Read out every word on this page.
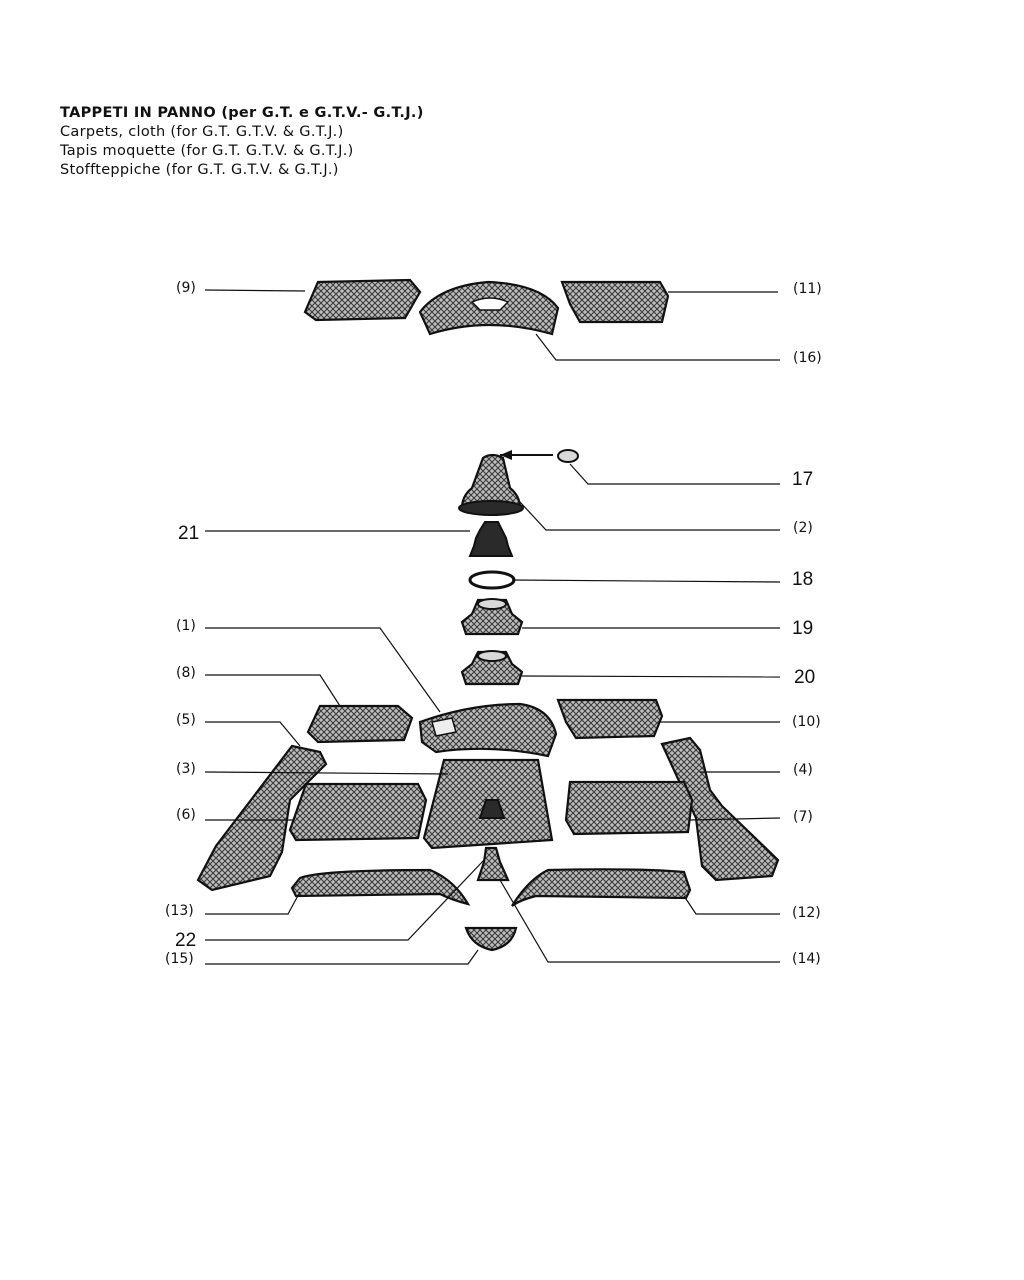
TAPPETI IN PANNO (per G.T. e G.T.V.- G.T.J.)
Carpets, cloth (for G.T. G.T.V. & G.T.J.)
Tapis moquette (for G.T. G.T.V. & G.T.J.)
Stoffteppiche (for G.T. G.T.V. & G.T.J.)
(9)	(11)
(16)
17
(2)
21
18
19
20
(1)
(8)
(10)
(5)
(3)	(4)
(6)	(7)
(13)	(12)
22
(15)	(14)
